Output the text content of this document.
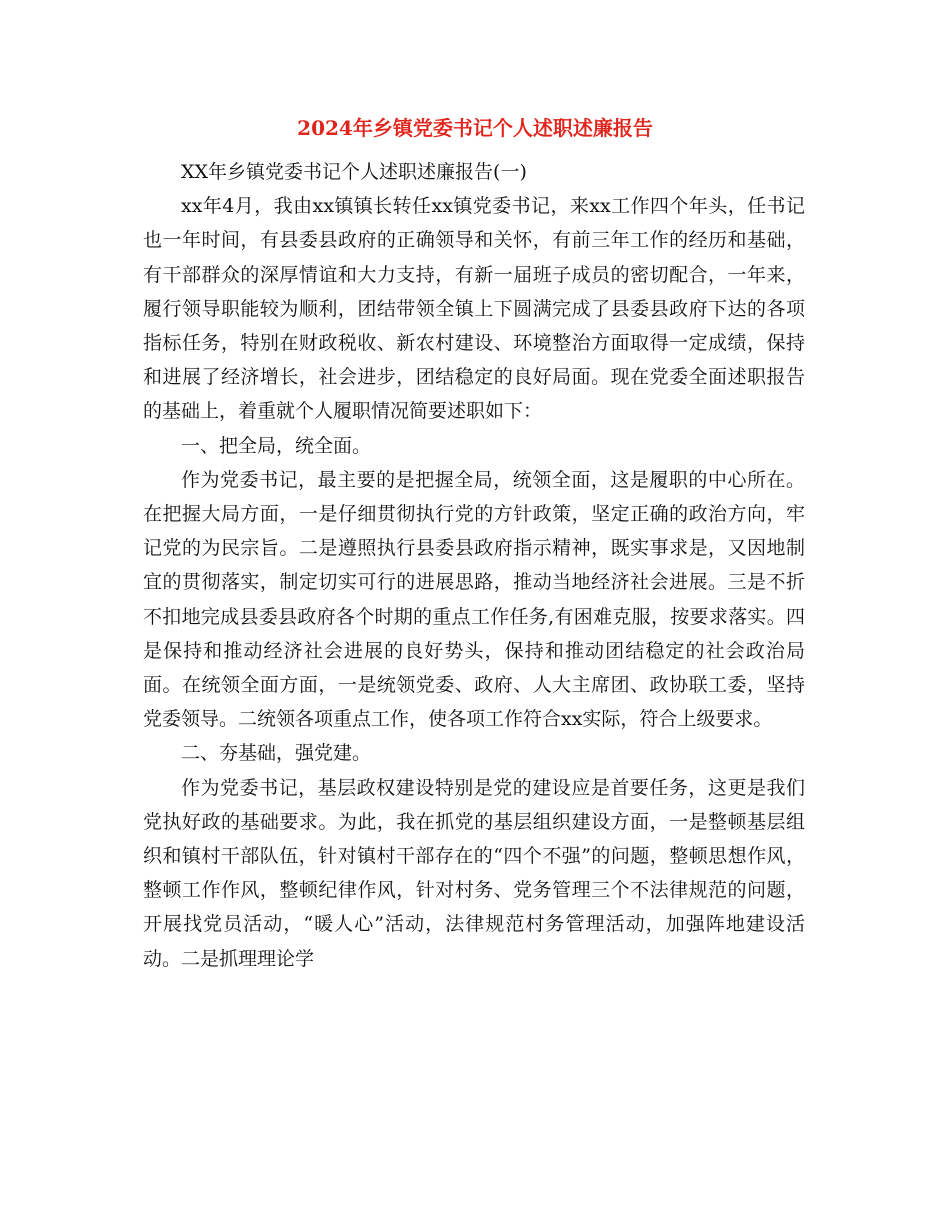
2024年乡镇党委书记个人述职述廉报告

XX年乡镇党委书记个人述职述廉报告(一)

xx年4月，我由xx镇镇长转任xx镇党委书记，来xx工作四个年头，任书记也一年时间，有县委县政府的正确领导和关怀，有前三年工作的经历和基础，有干部群众的深厚情谊和大力支持，有新一届班子成员的密切配合，一年来，履行领导职能较为顺利，团结带领全镇上下圆满完成了县委县政府下达的各项指标任务，特别在财政税收、新农村建设、环境整治方面取得一定成绩，保持和进展了经济增长，社会进步，团结稳定的良好局面。现在党委全面述职报告的基础上，着重就个人履职情况简要述职如下：

一、把全局，统全面。

作为党委书记，最主要的是把握全局，统领全面，这是履职的中心所在。在把握大局方面，一是仔细贯彻执行党的方针政策，坚定正确的政治方向，牢记党的为民宗旨。二是遵照执行县委县政府指示精神，既实事求是，又因地制宜的贯彻落实，制定切实可行的进展思路，推动当地经济社会进展。三是不折不扣地完成县委县政府各个时期的重点工作任务,有困难克服，按要求落实。四是保持和推动经济社会进展的良好势头，保持和推动团结稳定的社会政治局面。在统领全面方面，一是统领党委、政府、人大主席团、政协联工委，坚持党委领导。二统领各项重点工作，使各项工作符合xx实际，符合上级要求。

二、夯基础，强党建。

作为党委书记，基层政权建设特别是党的建设应是首要任务，这更是我们党执好政的基础要求。为此，我在抓党的基层组织建设方面，一是整顿基层组织和镇村干部队伍，针对镇村干部存在的“四个不强”的问题，整顿思想作风，整顿工作作风，整顿纪律作风，针对村务、党务管理三个不法律规范的问题，开展找党员活动，“暖人心”活动，法律规范村务管理活动，加强阵地建设活动。二是抓理理论学
